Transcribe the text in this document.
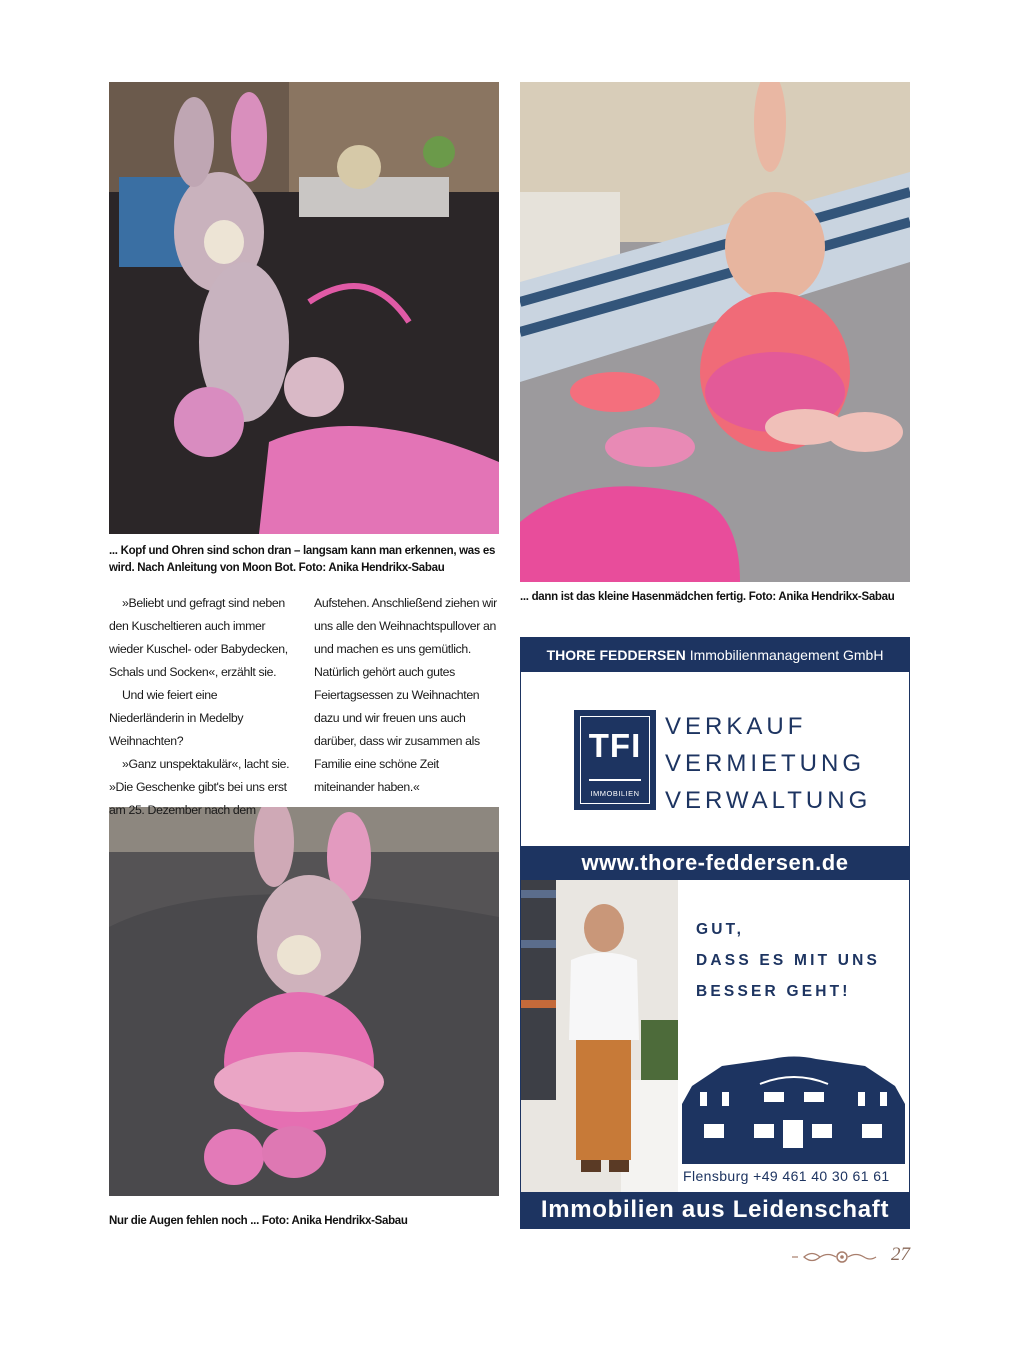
... Kopf und Ohren sind schon dran – langsam kann man erkennen, was es wird. Nach Anleitung von Moon Bot. Foto: Anika Hendrikx-Sabau
... dann ist das kleine Hasenmädchen fertig. Foto: Anika Hendrikx-Sabau
Nur die Augen fehlen noch ... Foto: Anika Hendrikx-Sabau

»Beliebt und gefragt sind neben den Kuscheltieren auch immer wieder Kuschel- oder Babydecken, Schals und Socken«, erzählt sie.

Und wie feiert eine Niederländerin in Medelby Weihnachten?

»Ganz unspektakulär«, lacht sie. »Die Geschenke gibt's bei uns erst am 25. Dezember nach dem

Aufstehen. Anschließend ziehen wir uns alle den Weihnachtspullover an und machen es uns gemütlich. Natürlich gehört auch gutes Feiertagsessen zu Weihnachten dazu und wir freuen uns auch darüber, dass wir zusammen als Familie eine schöne Zeit miteinander haben.«

THORE FEDDERSEN Immobilienmanagement GmbH
TFI
IMMOBILIEN
VERKAUF
VERMIETUNG
VERWALTUNG
www.thore-feddersen.de
GUT,
DASS ES MIT UNS
BESSER GEHT!
Flensburg +49 461 40 30 61 61
Immobilien aus Leidenschaft
27
